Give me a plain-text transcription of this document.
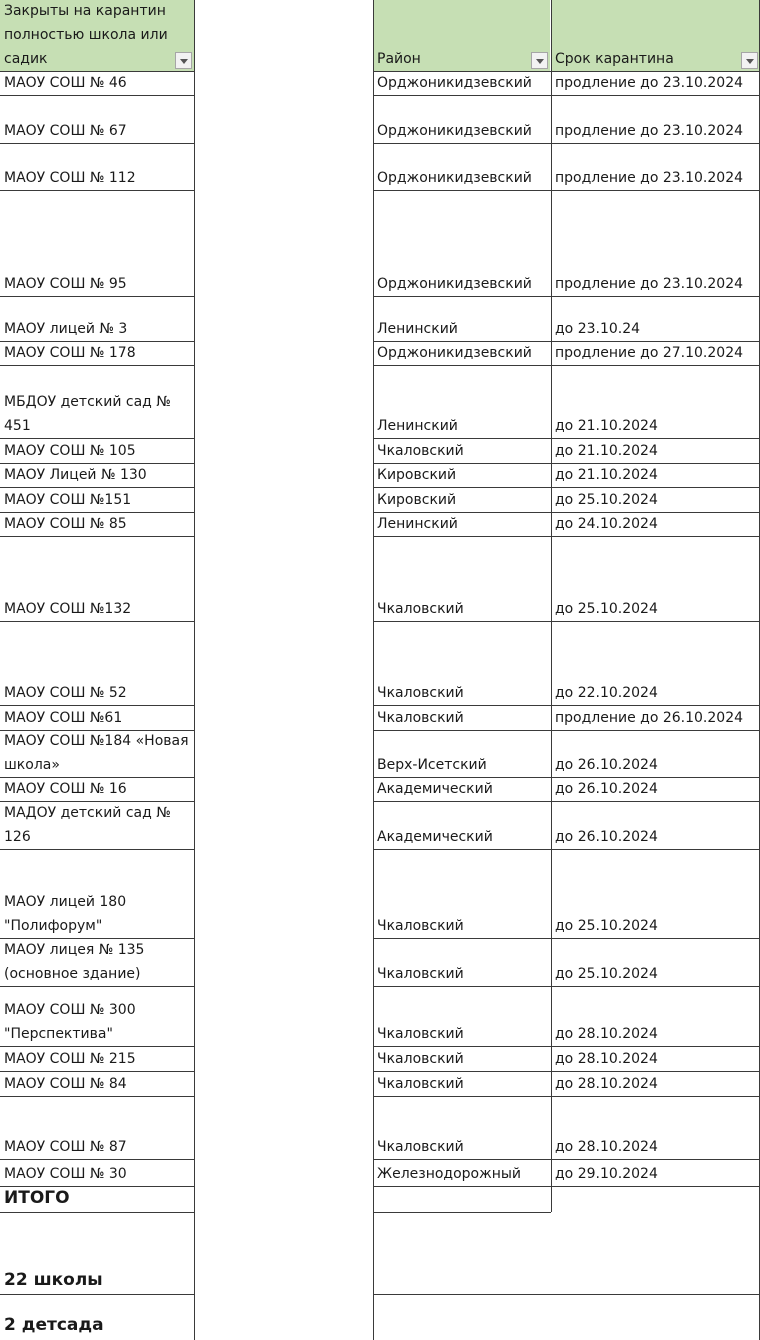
Закрыты на карантин
полностью школа или
садик	Район	Срок карантина
МАОУ СОШ № 46	Орджоникидзевский	продление до 23.10.2024
МАОУ СОШ № 67	Орджоникидзевский	продление до 23.10.2024
МАОУ СОШ № 112	Орджоникидзевский	продление до 23.10.2024
МАОУ СОШ № 95	Орджоникидзевский	продление до 23.10.2024
МАОУ лицей № 3	Ленинский	до 23.10.24
МАОУ СОШ № 178	Орджоникидзевский	продление до 27.10.2024
МБДОУ детский сад №
451	Ленинский	до 21.10.2024
МАОУ СОШ № 105	Чкаловский	до 21.10.2024
МАОУ Лицей № 130	Кировский	до 21.10.2024
МАОУ СОШ №151	Кировский	до 25.10.2024
МАОУ СОШ № 85	Ленинский	до 24.10.2024
МАОУ СОШ №132	Чкаловский	до 25.10.2024
МАОУ СОШ № 52	Чкаловский	до 22.10.2024
МАОУ СОШ №61	Чкаловский	продление до 26.10.2024
МАОУ СОШ №184 «Новая
школа»	Верх-Исетский	до 26.10.2024
МАОУ СОШ № 16	Академический	до 26.10.2024
МАДОУ детский сад №
126	Академический	до 26.10.2024
МАОУ лицей 180
"Полифорум"	Чкаловский	до 25.10.2024
МАОУ лицея № 135
(основное здание)	Чкаловский	до 25.10.2024
МАОУ СОШ № 300
"Перспектива"	Чкаловский	до 28.10.2024
МАОУ СОШ № 215	Чкаловский	до 28.10.2024
МАОУ СОШ № 84	Чкаловский	до 28.10.2024
МАОУ СОШ № 87	Чкаловский	до 28.10.2024
МАОУ СОШ № 30	Железнодорожный	до 29.10.2024
ИТОГО
22 школы
2 детсада
